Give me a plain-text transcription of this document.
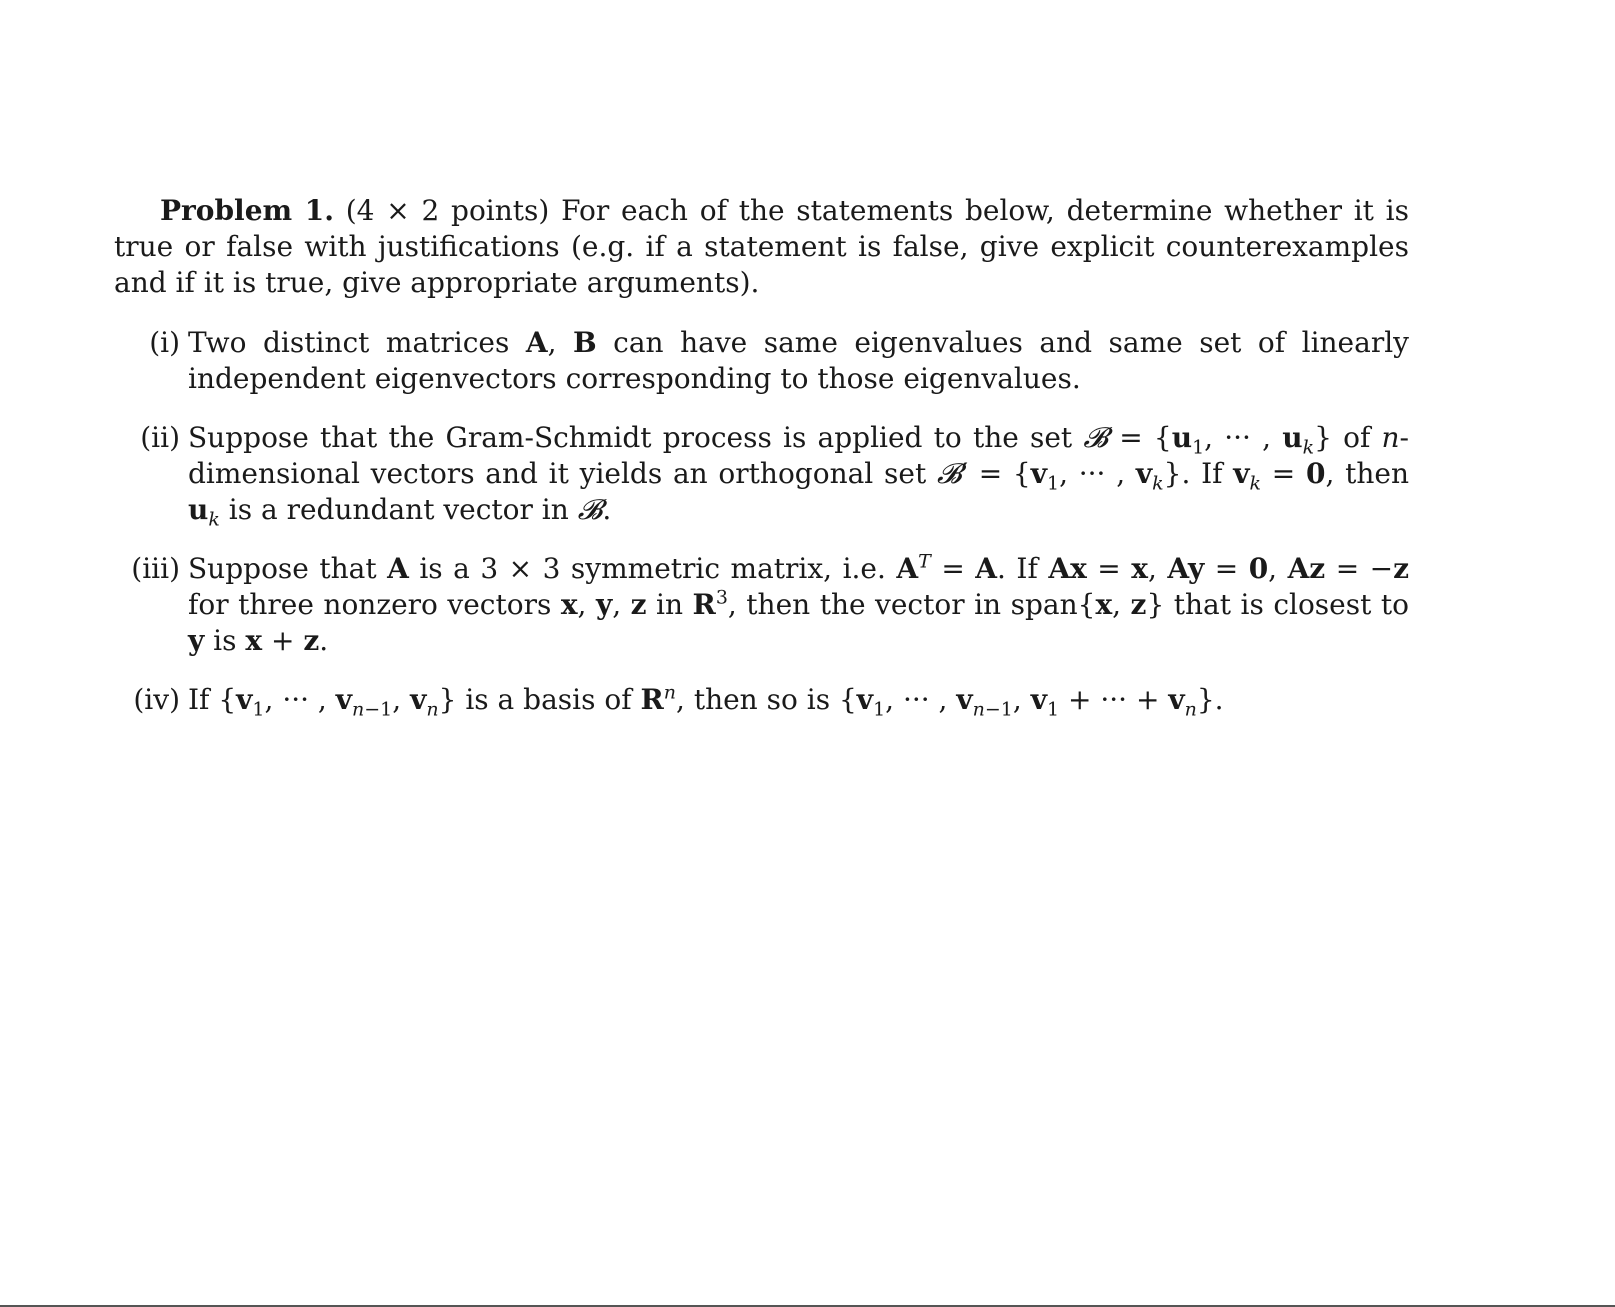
Problem 1. (4 × 2 points) For each of the statements below, determine whether it is true or false with justifications (e.g. if a statement is false, give explicit counterexamples and if it is true, give appropriate arguments).

(i) Two distinct matrices A, B can have same eigenvalues and same set of linearly independent eigenvectors corresponding to those eigenvalues.
(ii) Suppose that the Gram-Schmidt process is applied to the set 𝓑 = {$u_1$, ··· , $u_k$} of n-dimensional vectors and it yields an orthogonal set 𝓑′ = {$v_1$, ··· , $v_k$}. If $v_k = 0$, then $u_k$ is a redundant vector in 𝓑.
(iii) Suppose that A is a 3 × 3 symmetric matrix, i.e. $A^T = A$. If Ax = x, Ay = 0, Az = −z for three nonzero vectors x, y, z in $R^3$, then the vector in span{x, z} that is closest to y is x + z.
(iv) If {$v_1$, ··· , $v_{n-1}$, $v_n$} is a basis of $R^n$, then so is {$v_1$, ··· , $v_{n-1}$, $v_1$ + ··· + $v_n$}.
